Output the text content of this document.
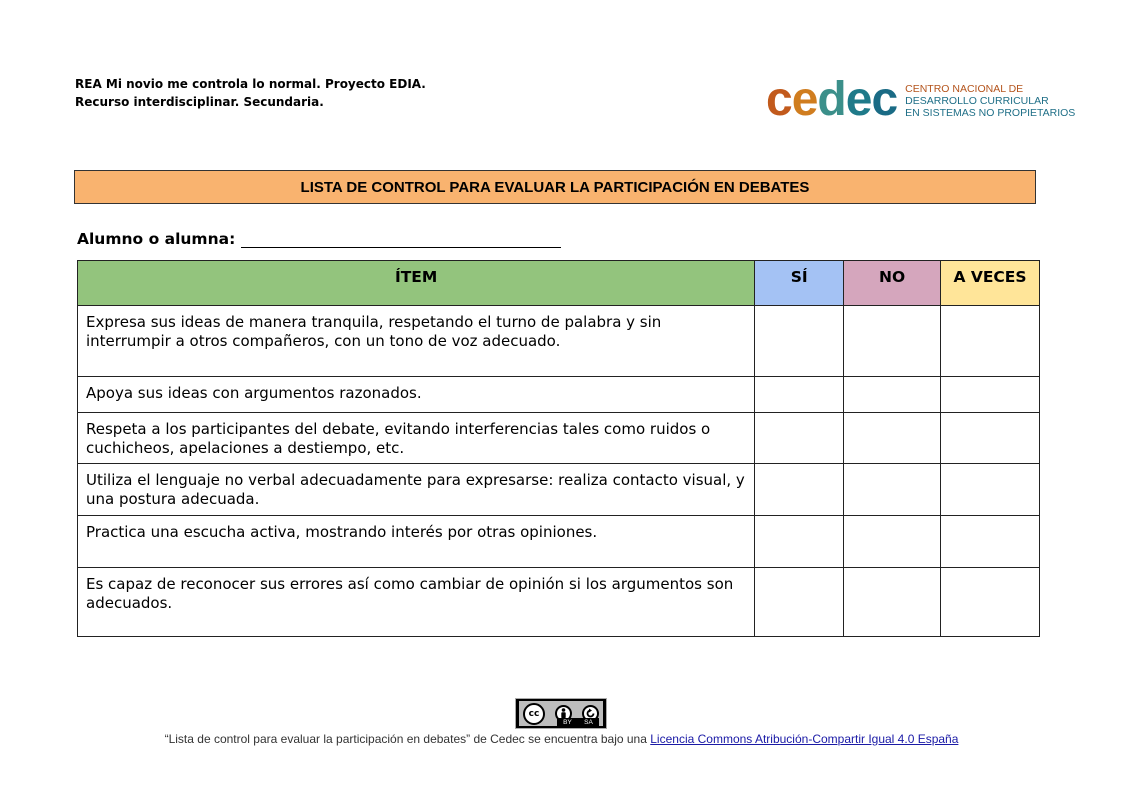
REA Mi novio me controla lo normal. Proyecto EDIA.
Recurso interdisciplinar. Secundaria.	c e d e c CENTRO NACIONAL DE
DESARROLLO CURRICULAR
EN SISTEMAS NO PROPIETARIOS
LISTA DE CONTROL PARA EVALUAR LA PARTICIPACIÓN EN DEBATES
Alumno o alumna:
ÍTEM	SÍ	NO	A VECES
Expresa sus ideas de manera tranquila, respetando el turno de palabra y sin interrumpir a otros compañeros, con un tono de voz adecuado.			
Apoya sus ideas con argumentos razonados.			
Respeta a los participantes del debate, evitando interferencias tales como ruidos o cuchicheos, apelaciones a destiempo, etc.			
Utiliza el lenguaje no verbal adecuadamente para expresarse: realiza contacto visual, y una postura adecuada.			
Practica una escucha activa, mostrando interés por otras opiniones.			
Es capaz de reconocer sus errores así como cambiar de opinión si los argumentos son adecuados.			
cc
BY SA
“Lista de control para evaluar la participación en debates” de Cedec se encuentra bajo una Licencia Commons Atribución-Compartir Igual 4.0 España
